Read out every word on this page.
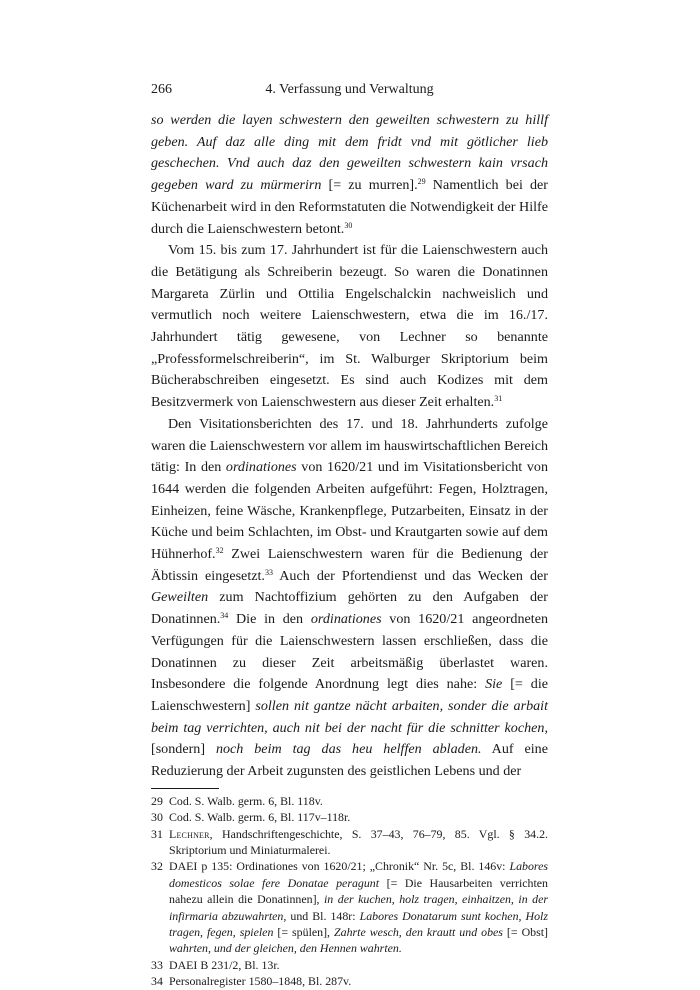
266	4. Verfassung und Verwaltung

so werden die layen schwestern den geweilten schwestern zu hillf geben. Auf daz alle ding mit dem fridt vnd mit götlicher lieb geschechen. Vnd auch daz den geweilten schwestern kain vrsach gegeben ward zu mürmerirn [= zu murren].$^{29}$ Namentlich bei der Küchenarbeit wird in den Reformstatuten die Notwendigkeit der Hilfe durch die Laienschwestern betont.$^{30}$

Vom 15. bis zum 17. Jahrhundert ist für die Laienschwestern auch die Betätigung als Schreiberin bezeugt. So waren die Donatinnen Margareta Zürlin und Ottilia Engelschalckin nachweislich und vermutlich noch weitere Laienschwestern, etwa die im 16./17. Jahrhundert tätig gewesene, von Lechner so benannte „Professformelschreiberin“, im St. Walburger Skriptorium beim Bücherabschreiben eingesetzt. Es sind auch Kodizes mit dem Besitzvermerk von Laienschwestern aus dieser Zeit erhalten.$^{31}$

Den Visitationsberichten des 17. und 18. Jahrhunderts zufolge waren die Laienschwestern vor allem im hauswirtschaftlichen Bereich tätig: In den ordinationes von 1620/21 und im Visitationsbericht von 1644 werden die folgenden Arbeiten aufgeführt: Fegen, Holztragen, Einheizen, feine Wäsche, Krankenpflege, Putzarbeiten, Einsatz in der Küche und beim Schlachten, im Obst- und Krautgarten sowie auf dem Hühnerhof.$^{32}$ Zwei Laienschwestern waren für die Bedienung der Äbtissin eingesetzt.$^{33}$ Auch der Pfortendienst und das Wecken der Geweilten zum Nachtoffizium gehörten zu den Aufgaben der Donatinnen.$^{34}$ Die in den ordinationes von 1620/21 angeordneten Verfügungen für die Laienschwestern lassen erschließen, dass die Donatinnen zu dieser Zeit arbeitsmäßig überlastet waren. Insbesondere die folgende Anordnung legt dies nahe: Sie [= die Laienschwestern] sollen nit gantze nächt arbaiten, sonder die arbait beim tag verrichten, auch nit bei der nacht für die schnitter kochen, [sondern] noch beim tag das heu helffen abladen. Auf eine Reduzierung der Arbeit zugunsten des geistlichen Lebens und der

29 Cod. S. Walb. germ. 6, Bl. 118v.
30 Cod. S. Walb. germ. 6, Bl. 117v–118r.
31 Lechner, Handschriftengeschichte, S. 37–43, 76–79, 85. Vgl. § 34.2. Skriptorium und Miniaturmalerei.
32 DAEI p 135: Ordinationes von 1620/21; „Chronik“ Nr. 5c, Bl. 146v: Labores domesticos solae fere Donatae peragunt [= Die Hausarbeiten verrichten nahezu allein die Donatinnen], in der kuchen, holz tragen, einhaitzen, in der infirmaria abzuwahrten, und Bl. 148r: Labores Donatarum sunt kochen, Holz tragen, fegen, spielen [= spülen], Zahrte wesch, den krautt und obes [= Obst] wahrten, und der gleichen, den Hennen wahrten.
33 DAEI B 231/2, Bl. 13r.
34 Personalregister 1580–1848, Bl. 287v.
